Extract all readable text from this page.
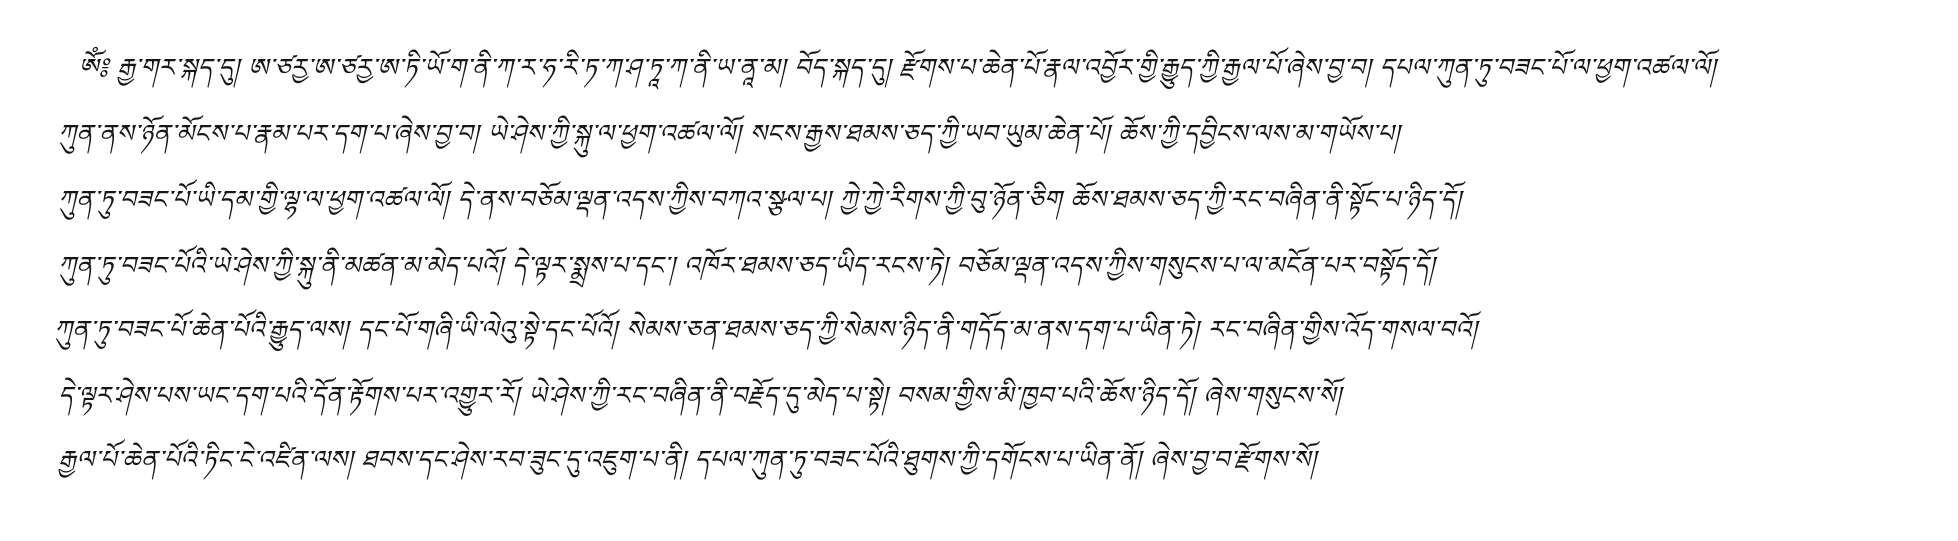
ༀ༔ རྒྱ་གར་སྐད་དུ། ཨ་ཙརྱ་ཨ་ཙརྱ་ཨ་ཏི་ཡོ་ག་ནི་ཀ་ར་ཧ་རི་ཏ་ཀ་ཤ་ཏཱ་ཀ་ནི་ཡ་ནཱ་མ། བོད་སྐད་དུ། རྫོགས་པ་ཆེན་པོ་རྣལ་འབྱོར་གྱི་རྒྱུད་ཀྱི་རྒྱལ་པོ་ཞེས་བྱ་བ། དཔལ་ཀུན་ཏུ་བཟང་པོ་ལ་ཕྱག་འཚལ་ལོ།
ཀུན་ནས་ཉོན་མོངས་པ་རྣམ་པར་དག་པ་ཞེས་བྱ་བ། ཡེ་ཤེས་ཀྱི་སྐུ་ལ་ཕྱག་འཚལ་ལོ། སངས་རྒྱས་ཐམས་ཅད་ཀྱི་ཡབ་ཡུམ་ཆེན་པོ། ཆོས་ཀྱི་དབྱིངས་ལས་མ་གཡོས་པ།
ཀུན་ཏུ་བཟང་པོ་ཡི་དམ་གྱི་ལྷ་ལ་ཕྱག་འཚལ་ལོ། དེ་ནས་བཅོམ་ལྡན་འདས་ཀྱིས་བཀའ་སྩལ་པ། ཀྱེ་ཀྱེ་རིགས་ཀྱི་བུ་ཉོན་ཅིག ཆོས་ཐམས་ཅད་ཀྱི་རང་བཞིན་ནི་སྟོང་པ་ཉིད་དོ།
ཀུན་ཏུ་བཟང་པོའི་ཡེ་ཤེས་ཀྱི་སྐུ་ནི་མཚན་མ་མེད་པའོ། དེ་ལྟར་སྨྲས་པ་དང་། འཁོར་ཐམས་ཅད་ཡིད་རངས་ཏེ། བཅོམ་ལྡན་འདས་ཀྱིས་གསུངས་པ་ལ་མངོན་པར་བསྟོད་དོ།
ཀུན་ཏུ་བཟང་པོ་ཆེན་པོའི་རྒྱུད་ལས། དང་པོ་གཞི་ཡི་ལེའུ་སྟེ་དང་པོའོ། སེམས་ཅན་ཐམས་ཅད་ཀྱི་སེམས་ཉིད་ནི་གདོད་མ་ནས་དག་པ་ཡིན་ཏེ། རང་བཞིན་གྱིས་འོད་གསལ་བའོ།
དེ་ལྟར་ཤེས་པས་ཡང་དག་པའི་དོན་རྟོགས་པར་འགྱུར་རོ། ཡེ་ཤེས་ཀྱི་རང་བཞིན་ནི་བརྗོད་དུ་མེད་པ་སྟེ། བསམ་གྱིས་མི་ཁྱབ་པའི་ཆོས་ཉིད་དོ། ཞེས་གསུངས་སོ།
རྒྱལ་པོ་ཆེན་པོའི་ཏིང་ངེ་འཛིན་ལས། ཐབས་དང་ཤེས་རབ་ཟུང་དུ་འཇུག་པ་ནི། དཔལ་ཀུན་ཏུ་བཟང་པོའི་ཐུགས་ཀྱི་དགོངས་པ་ཡིན་ནོ། ཞེས་བྱ་བ་རྫོགས་སོ།
